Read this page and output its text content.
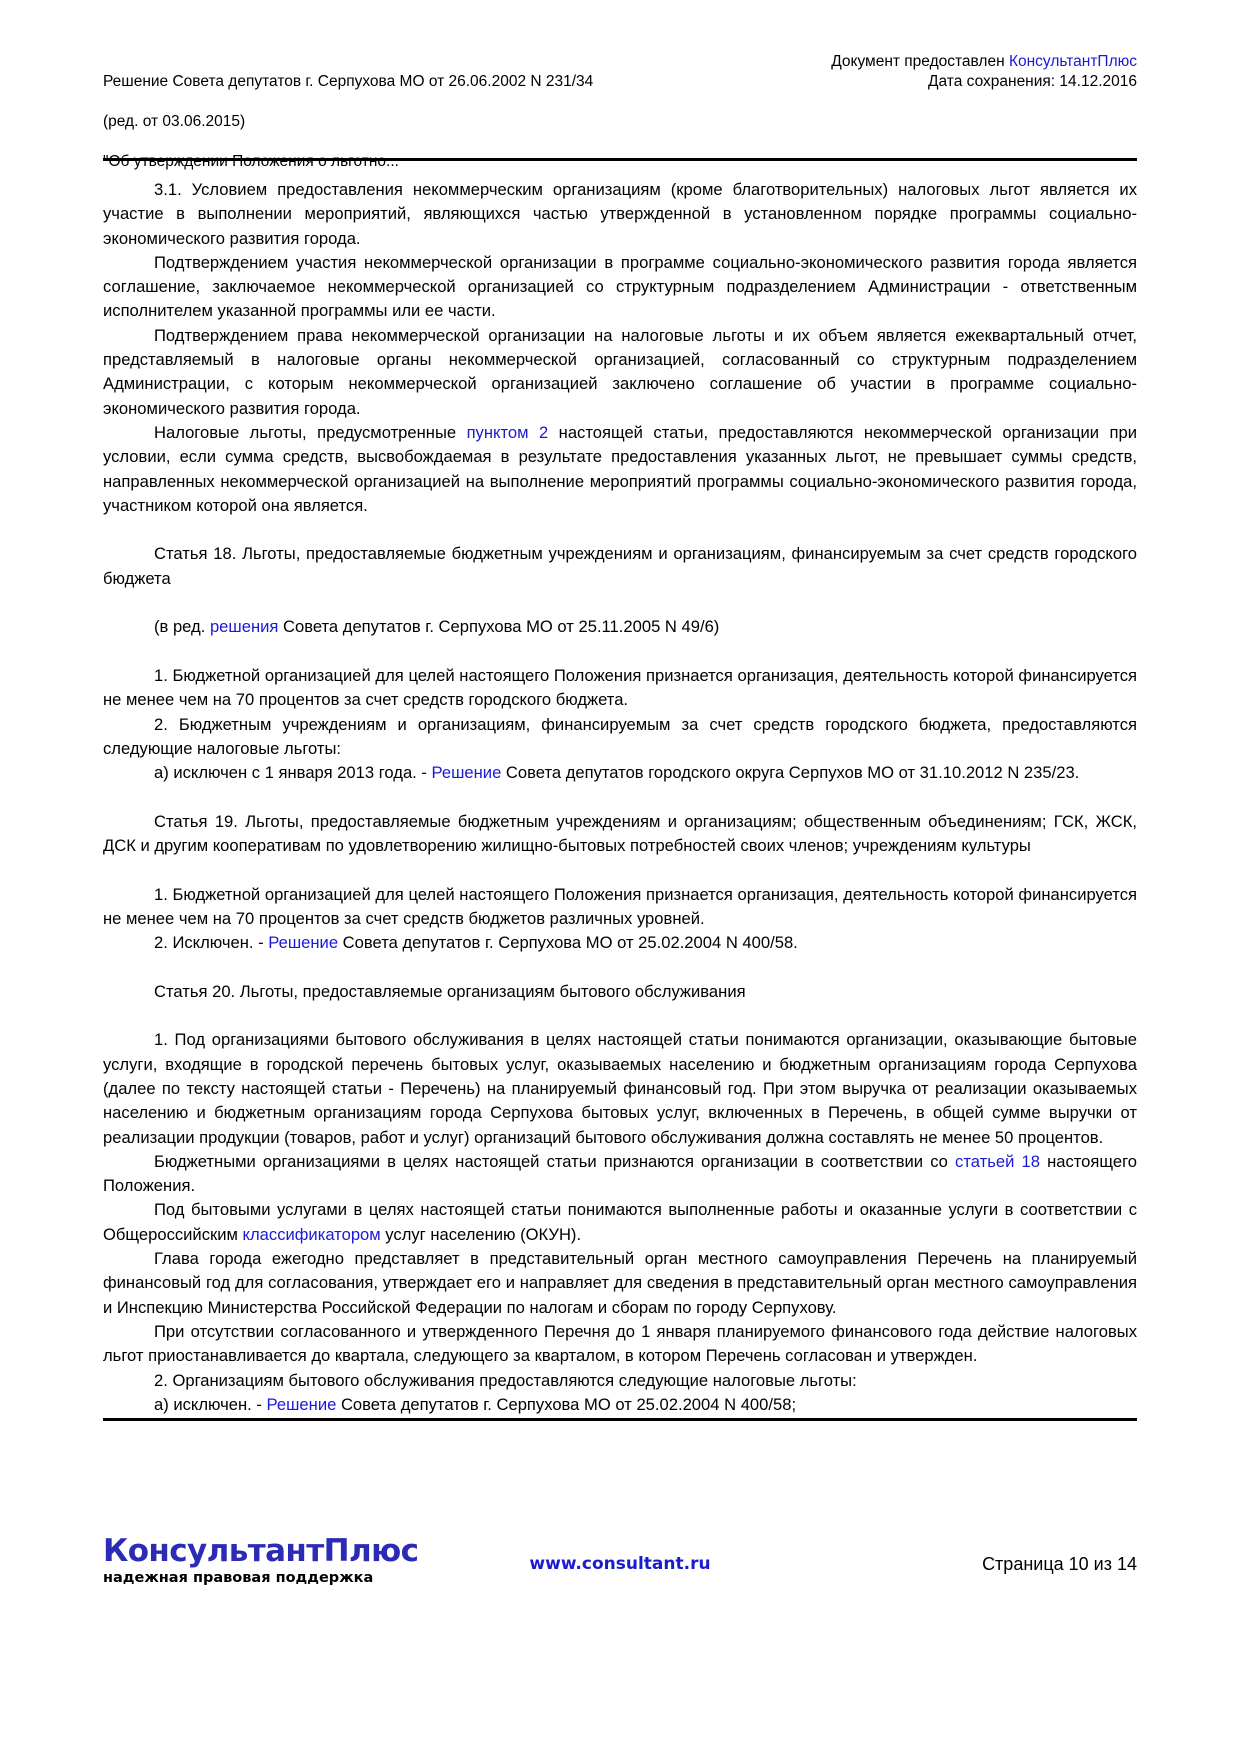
Решение Совета депутатов г. Серпухова МО от 26.06.2002 N 231/34

(ред. от 03.06.2015)

"Об утверждении Положения о льготно...

Документ предоставлен КонсультантПлюс
Дата сохранения: 14.12.2016

3.1. Условием предоставления некоммерческим организациям (кроме благотворительных) налоговых льгот является их участие в выполнении мероприятий, являющихся частью утвержденной в установленном порядке программы социально-экономического развития города.

Подтверждением участия некоммерческой организации в программе социально-экономического развития города является соглашение, заключаемое некоммерческой организацией со структурным подразделением Администрации - ответственным исполнителем указанной программы или ее части.

Подтверждением права некоммерческой организации на налоговые льготы и их объем является ежеквартальный отчет, представляемый в налоговые органы некоммерческой организацией, согласованный со структурным подразделением Администрации, с которым некоммерческой организацией заключено соглашение об участии в программе социально-экономического развития города.

Налоговые льготы, предусмотренные пунктом 2 настоящей статьи, предоставляются некоммерческой организации при условии, если сумма средств, высвобождаемая в результате предоставления указанных льгот, не превышает суммы средств, направленных некоммерческой организацией на выполнение мероприятий программы социально-экономического развития города, участником которой она является.

Статья 18. Льготы, предоставляемые бюджетным учреждениям и организациям, финансируемым за счет средств городского бюджета

(в ред. решения Совета депутатов г. Серпухова МО от 25.11.2005 N 49/6)

1. Бюджетной организацией для целей настоящего Положения признается организация, деятельность которой финансируется не менее чем на 70 процентов за счет средств городского бюджета.

2. Бюджетным учреждениям и организациям, финансируемым за счет средств городского бюджета, предоставляются следующие налоговые льготы:

а) исключен с 1 января 2013 года. - Решение Совета депутатов городского округа Серпухов МО от 31.10.2012 N 235/23.

Статья 19. Льготы, предоставляемые бюджетным учреждениям и организациям; общественным объединениям; ГСК, ЖСК, ДСК и другим кооперативам по удовлетворению жилищно-бытовых потребностей своих членов; учреждениям культуры

1. Бюджетной организацией для целей настоящего Положения признается организация, деятельность которой финансируется не менее чем на 70 процентов за счет средств бюджетов различных уровней.

2. Исключен. - Решение Совета депутатов г. Серпухова МО от 25.02.2004 N 400/58.

Статья 20. Льготы, предоставляемые организациям бытового обслуживания

1. Под организациями бытового обслуживания в целях настоящей статьи понимаются организации, оказывающие бытовые услуги, входящие в городской перечень бытовых услуг, оказываемых населению и бюджетным организациям города Серпухова (далее по тексту настоящей статьи - Перечень) на планируемый финансовый год. При этом выручка от реализации оказываемых населению и бюджетным организациям города Серпухова бытовых услуг, включенных в Перечень, в общей сумме выручки от реализации продукции (товаров, работ и услуг) организаций бытового обслуживания должна составлять не менее 50 процентов.

Бюджетными организациями в целях настоящей статьи признаются организации в соответствии со статьей 18 настоящего Положения.

Под бытовыми услугами в целях настоящей статьи понимаются выполненные работы и оказанные услуги в соответствии с Общероссийским классификатором услуг населению (ОКУН).

Глава города ежегодно представляет в представительный орган местного самоуправления Перечень на планируемый финансовый год для согласования, утверждает его и направляет для сведения в представительный орган местного самоуправления и Инспекцию Министерства Российской Федерации по налогам и сборам по городу Серпухову.

При отсутствии согласованного и утвержденного Перечня до 1 января планируемого финансового года действие налоговых льгот приостанавливается до квартала, следующего за кварталом, в котором Перечень согласован и утвержден.

2. Организациям бытового обслуживания предоставляются следующие налоговые льготы:

а) исключен. - Решение Совета депутатов г. Серпухова МО от 25.02.2004 N 400/58;

КонсультантПлюс
надежная правовая поддержка
www.consultant.ru	Страница 10 из 14
